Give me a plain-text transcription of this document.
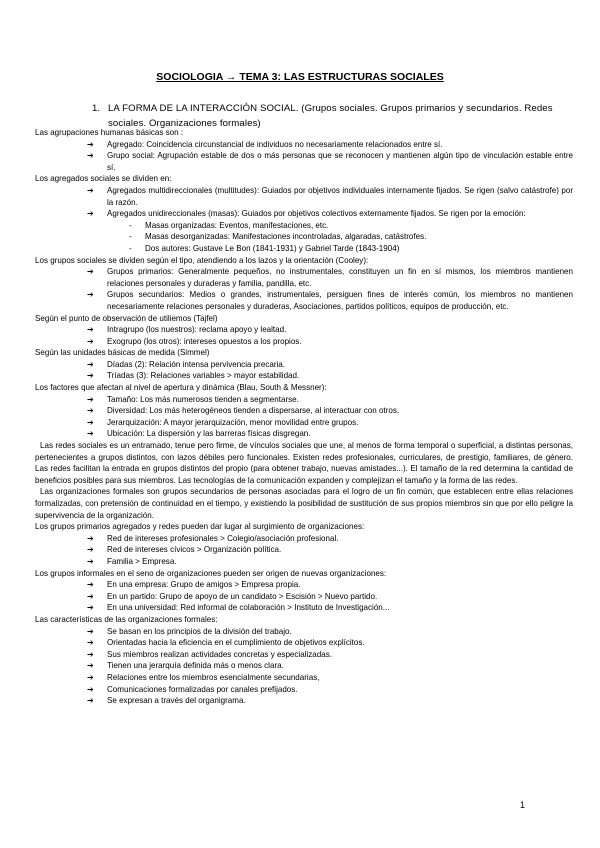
SOCIOLOGIA → TEMA 3: LAS ESTRUCTURAS SOCIALES
1. LA FORMA DE LA INTERACCIÓN SOCIAL. (Grupos sociales. Grupos primarios y secundarios. Redes sociales. Organizaciones formales)
Las agrupaciones humanas básicas son :
➔ Agregado: Coincidencia circunstancial de individuos no necesariamente relacionados entre sí.
➔ Grupo social: Agrupación estable de dos o más personas que se reconocen y mantienen algún tipo de vinculación estable entre sí.
Los agregados sociales se dividen en:
➔ Agregados multidireccionales (multitudes): Guiados por objetivos individuales internamente fijados. Se rigen (salvo catástrofe) por la razón.
➔ Agregados unidireccionales (masas): Guiados por objetivos colectivos externamente fijados. Se rigen por la emoción:
- Masas organizadas: Eventos, manifestaciones, etc.
- Masas desorganizadas: Manifestaciones incontroladas, algaradas, catástrofes.
- Dos autores: Gustave Le Bon (1841-1931) y Gabriel Tarde (1843-1904)
Los grupos sociales se dividen según el tipo, atendiendo a los lazos y la orientación (Cooley):
➔ Grupos primarios: Generalmente pequeños, no instrumentales, constituyen un fin en sí mismos, los miembros mantienen relaciones personales y duraderas y familia, pandilla, etc.
➔ Grupos secundarios: Medios o grandes, instrumentales, persiguen fines de interés común, los miembros no mantienen necesariamente relaciones personales y duraderas, Asociaciones, partidos políticos, equipos de producción, etc.
Según el punto de observación de utiliemos (Tajfel)
➔ Intragrupo (los nuestros): reclama apoyo y lealtad.
➔ Exogrupo (los otros): intereses opuestos a los propios.
Según las unidades básicas de medida (Simmel)
➔ Díadas (2): Relación intensa pervivencia precaria.
➔ Tríadas (3): Relaciones variables > mayor estabilidad.
Los factores que afectan al nivel de apertura y dinámica (Blau, South & Messner):
➔ Tamaño: Los más numerosos tienden a segmentarse.
➔ Diversidad: Los más heterogéneos tienden a dispersarse, al interactuar con otros.
➔ Jerarquización: A mayor jerarquización, menor movilidad entre grupos.
➔ Ubicación: La dispersión y las barreras físicas disgregan.
Las redes sociales es un entramado, tenue pero firme, de vínculos sociales que une, al menos de forma temporal o superficial, a distintas personas, pertenecientes a grupos distintos, con lazos débiles pero funcionales. Existen redes profesionales, curriculares, de prestigio, familiares, de género. Las redes facilitan la entrada en grupos distintos del propio (para obtener trabajo, nuevas amistades...). El tamaño de la red determina la cantidad de beneficios posibles para sus miembros. Las tecnologías de la comunicación expanden y complejizan el tamaño y la forma de las redes.
Las organizaciones formales son grupos secundarios de personas asociadas para el logro de un fin común, que establecen entre ellas relaciones formalizadas, con pretensión de continuidad en el tiempo, y existiendo la posibilidad de sustitución de sus propios miembros sin que por ello peligre la supervivencia de la organización.
Los grupos primarios agregados y redes pueden dar lugar al surgimiento de organizaciones:
➔ Red de intereses profesionales > Colegio/asociación profesional.
➔ Red de intereses cívicos > Organización política.
➔ Familia > Empresa.
Los grupos informales en el seno de organizaciones pueden ser origen de nuevas organizaciones:
➔ En una empresa: Grupo de amigos > Empresa propia.
➔ En un partido: Grupo de apoyo de un candidato > Escisión > Nuevo partido.
➔ En una universidad: Red informal de colaboración > Instituto de Investigación...
Las características de las organizaciones formales:
➔ Se basan en los principios de la división del trabajo.
➔ Orientadas hacia la eficiencia en el cumplimiento de objetivos explícitos.
➔ Sus miembros realizan actividades concretas y especializadas.
➔ Tienen una jerarquía definida más o menos clara.
➔ Relaciones entre los miembros esencialmente secundarias,
➔ Comunicaciones formalizadas por canales prefijados.
➔ Se expresan a través del organigrama.
1
